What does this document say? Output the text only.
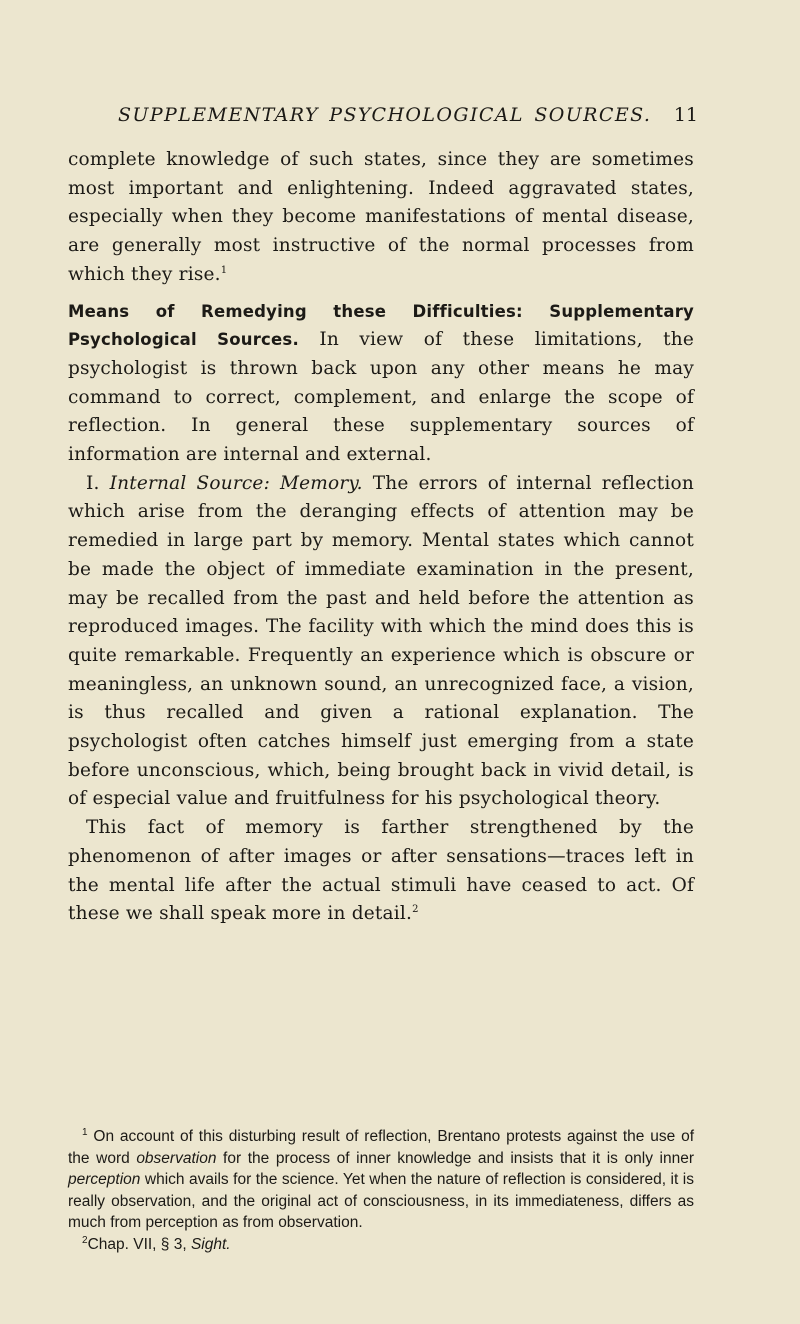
SUPPLEMENTARY PSYCHOLOGICAL SOURCES. 11

complete knowledge of such states, since they are sometimes most important and enlightening. Indeed aggravated states, especially when they become manifestations of mental disease, are generally most instructive of the normal processes from which they rise.$^1$

Means of Remedying these Difficulties: Supplementary Psychological Sources. In view of these limitations, the psychologist is thrown back upon any other means he may command to correct, complement, and enlarge the scope of reflection. In general these supplementary sources of information are internal and external.

I. Internal Source: Memory. The errors of internal reflection which arise from the deranging effects of attention may be remedied in large part by memory. Mental states which cannot be made the object of immediate examination in the present, may be recalled from the past and held before the attention as reproduced images. The facility with which the mind does this is quite remarkable. Frequently an experience which is obscure or meaningless, an unknown sound, an unrecognized face, a vision, is thus recalled and given a rational explanation. The psychologist often catches himself just emerging from a state before unconscious, which, being brought back in vivid detail, is of especial value and fruitfulness for his psychological theory.

This fact of memory is farther strengthened by the phenomenon of after images or after sensations—traces left in the mental life after the actual stimuli have ceased to act. Of these we shall speak more in detail.$^2$

$^1$ On account of this disturbing result of reflection, Brentano protests against the use of the word observation for the process of inner knowledge and insists that it is only inner perception which avails for the science. Yet when the nature of reflection is considered, it is really observation, and the original act of consciousness, in its immediateness, differs as much from perception as from observation.

$^2$Chap. VII, § 3, Sight.
